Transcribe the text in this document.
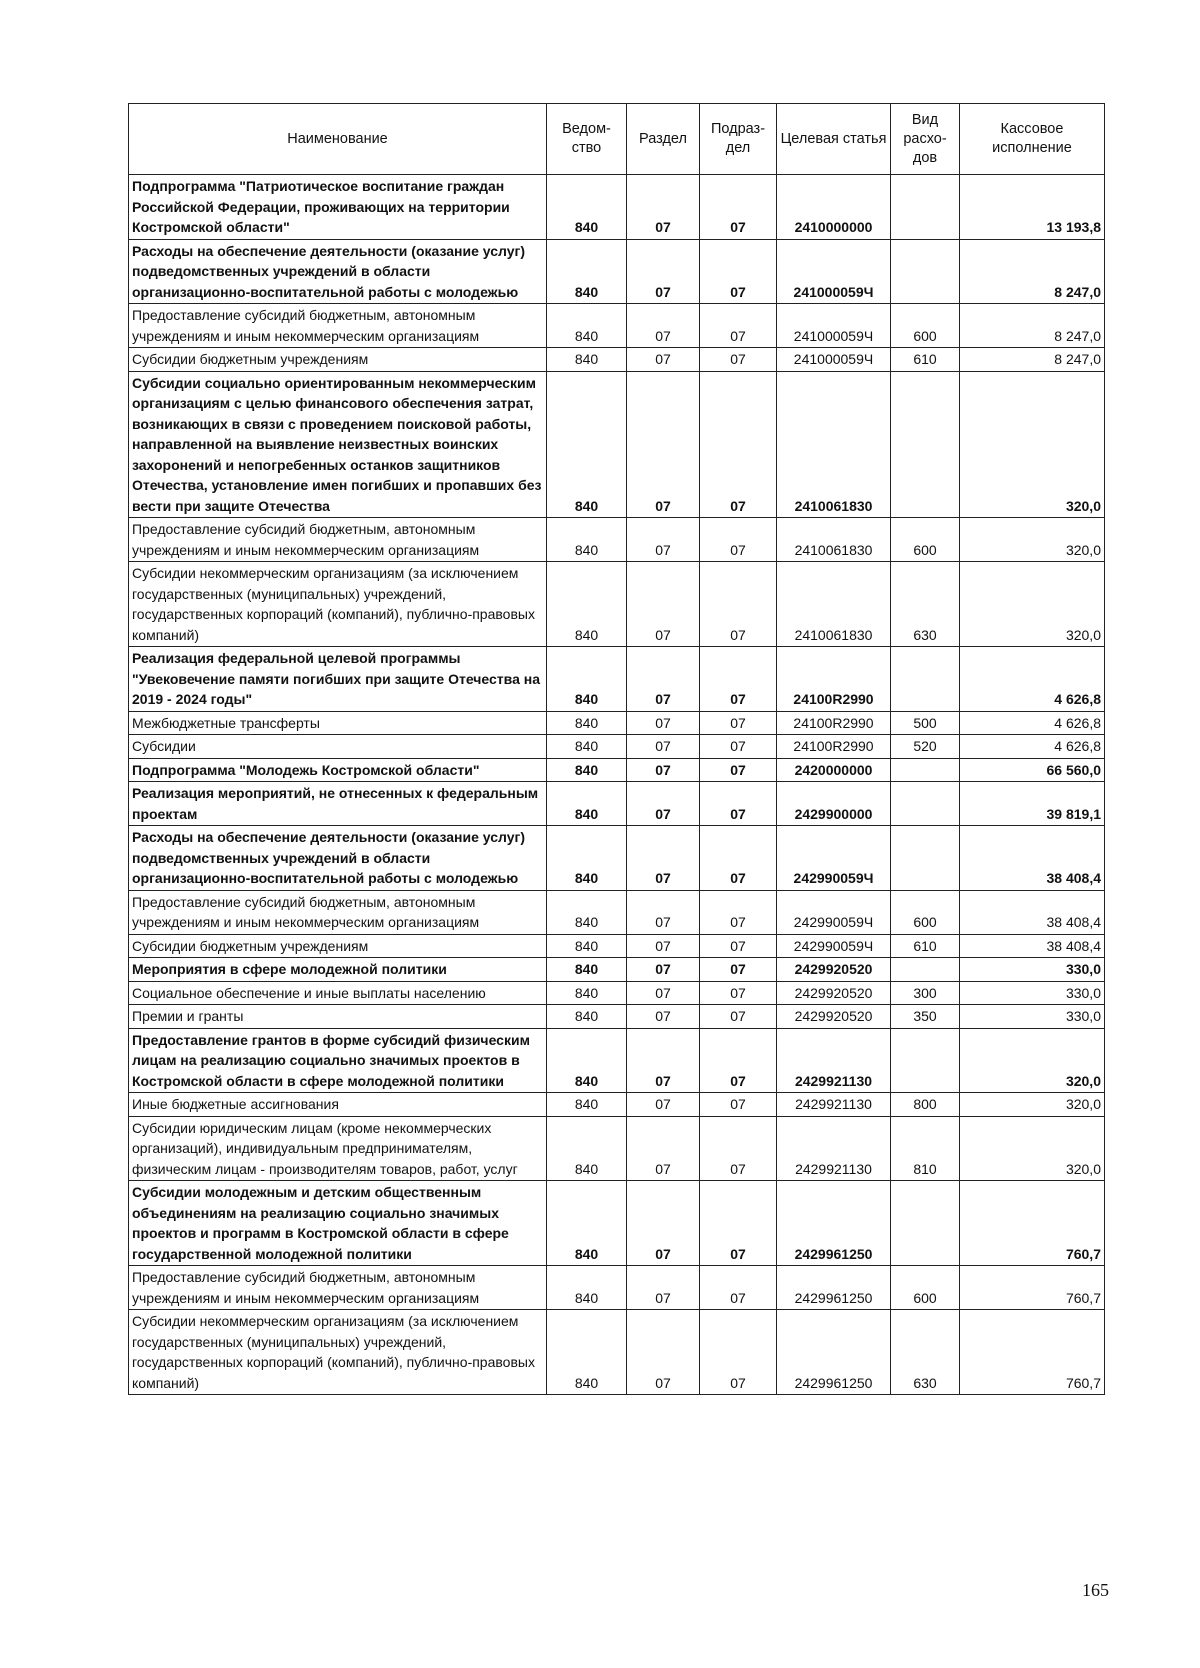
Наименование	Ведом-ство	Раздел	Подраз-дел	Целевая статья	Вид расхо-дов	Кассовое исполнение
Подпрограмма "Патриотическое воспитание граждан Российской Федерации, проживающих на территории Костромской области"	840	07	07	2410000000		13 193,8
Расходы на обеспечение деятельности (оказание услуг) подведомственных учреждений в области организационно-воспитательной работы с молодежью	840	07	07	241000059Ч		8 247,0
Предоставление субсидий бюджетным, автономным учреждениям и иным некоммерческим организациям	840	07	07	241000059Ч	600	8 247,0
Субсидии бюджетным учреждениям	840	07	07	241000059Ч	610	8 247,0
Субсидии социально ориентированным некоммерческим организациям с целью финансового обеспечения затрат, возникающих в связи с проведением поисковой работы, направленной на выявление неизвестных воинских захоронений и непогребенных останков защитников Отечества, установление имен погибших и пропавших без вести при защите Отечества	840	07	07	2410061830		320,0
Предоставление субсидий бюджетным, автономным учреждениям и иным некоммерческим организациям	840	07	07	2410061830	600	320,0
Субсидии некоммерческим организациям (за исключением государственных (муниципальных) учреждений, государственных корпораций (компаний), публично-правовых компаний)	840	07	07	2410061830	630	320,0
Реализация федеральной целевой программы "Увековечение памяти погибших при защите Отечества на 2019 - 2024 годы"	840	07	07	24100R2990		4 626,8
Межбюджетные трансферты	840	07	07	24100R2990	500	4 626,8
Субсидии	840	07	07	24100R2990	520	4 626,8
Подпрограмма "Молодежь Костромской области"	840	07	07	2420000000		66 560,0
Реализация мероприятий, не отнесенных к федеральным проектам	840	07	07	2429900000		39 819,1
Расходы на обеспечение деятельности (оказание услуг) подведомственных учреждений в области организационно-воспитательной работы с молодежью	840	07	07	242990059Ч		38 408,4
Предоставление субсидий бюджетным, автономным учреждениям и иным некоммерческим организациям	840	07	07	242990059Ч	600	38 408,4
Субсидии бюджетным учреждениям	840	07	07	242990059Ч	610	38 408,4
Мероприятия в сфере молодежной политики	840	07	07	2429920520		330,0
Социальное обеспечение и иные выплаты населению	840	07	07	2429920520	300	330,0
Премии и гранты	840	07	07	2429920520	350	330,0
Предоставление грантов в форме субсидий физическим лицам на реализацию социально значимых проектов в Костромской области в сфере молодежной политики	840	07	07	2429921130		320,0
Иные бюджетные ассигнования	840	07	07	2429921130	800	320,0
Субсидии юридическим лицам (кроме некоммерческих организаций), индивидуальным предпринимателям, физическим лицам - производителям товаров, работ, услуг	840	07	07	2429921130	810	320,0
Субсидии молодежным и детским общественным объединениям на реализацию социально значимых проектов и программ в Костромской области в сфере государственной молодежной политики	840	07	07	2429961250		760,7
Предоставление субсидий бюджетным, автономным учреждениям и иным некоммерческим организациям	840	07	07	2429961250	600	760,7
Субсидии некоммерческим организациям (за исключением государственных (муниципальных) учреждений, государственных корпораций (компаний), публично-правовых компаний)	840	07	07	2429961250	630	760,7
165
